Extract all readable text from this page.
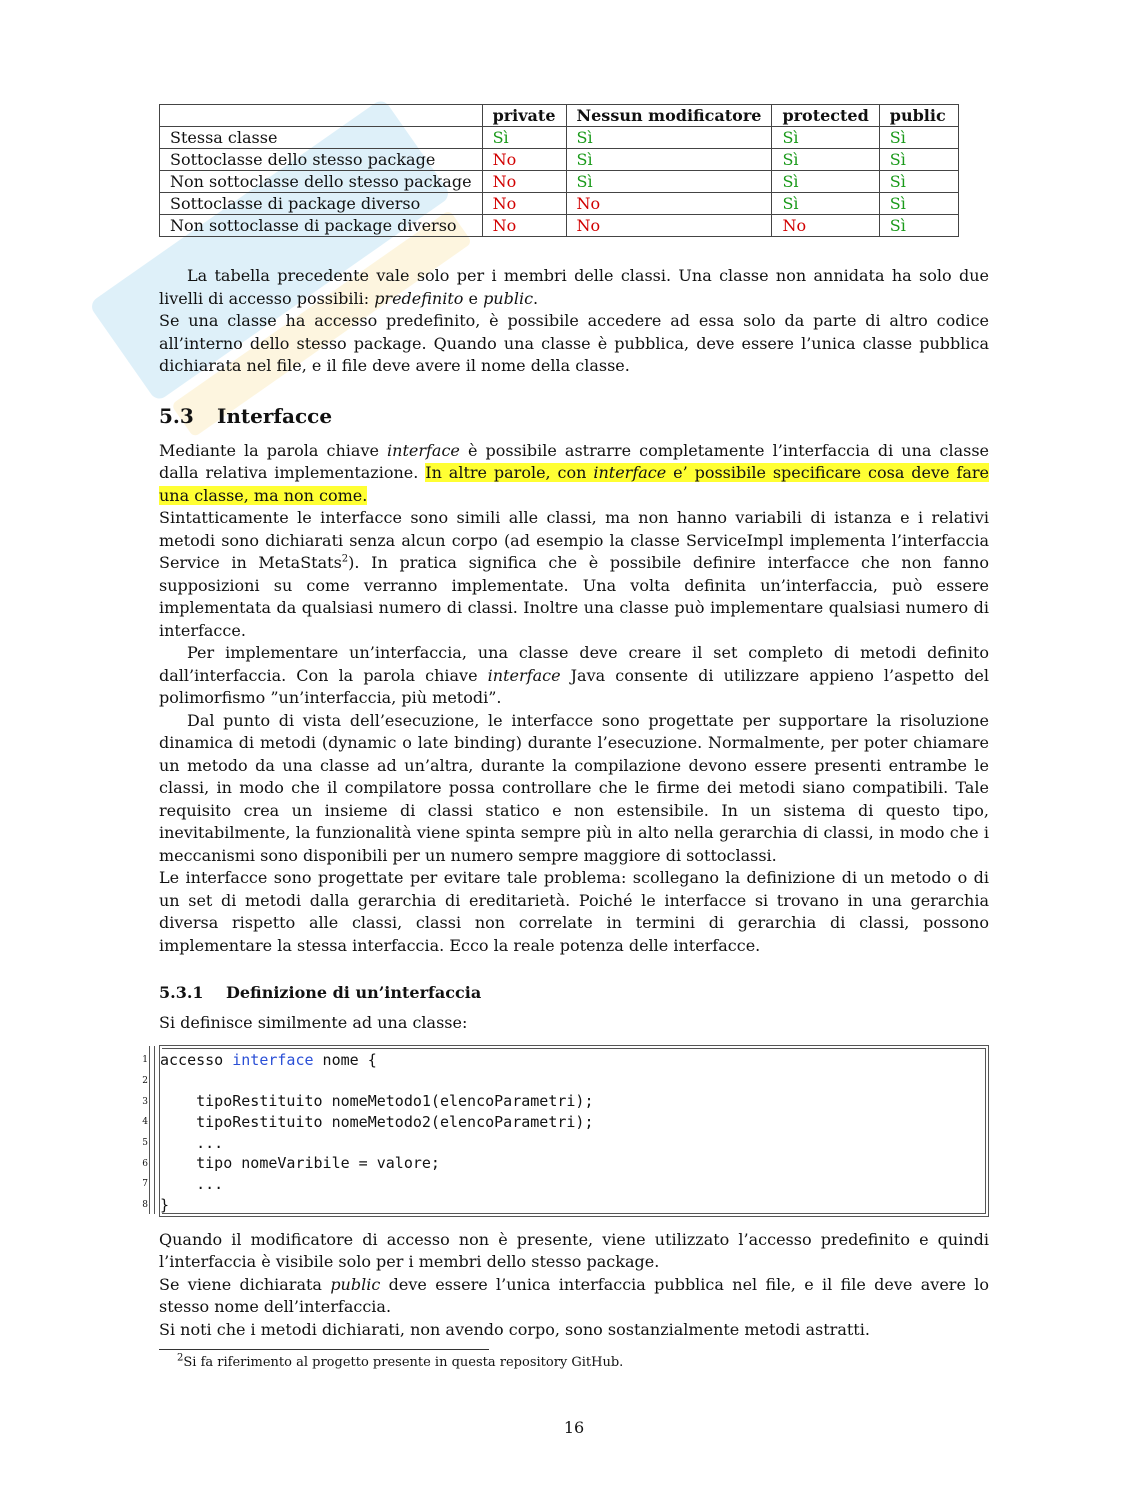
	private	Nessun modificatore	protected	public
Stessa classe	Sì	Sì	Sì	Sì
Sottoclasse dello stesso package	No	Sì	Sì	Sì
Non sottoclasse dello stesso package	No	Sì	Sì	Sì
Sottoclasse di package diverso	No	No	Sì	Sì
Non sottoclasse di package diverso	No	No	No	Sì

La tabella precedente vale solo per i membri delle classi. Una classe non annidata ha solo due livelli di accesso possibili: predefinito e public.

Se una classe ha accesso predefinito, è possibile accedere ad essa solo da parte di altro codice all’interno dello stesso package. Quando una classe è pubblica, deve essere l’unica classe pubblica dichiarata nel file, e il file deve avere il nome della classe.

5.3 Interfacce

Mediante la parola chiave interface è possibile astrarre completamente l’interfaccia di una classe dalla relativa implementazione. In altre parole, con interface e’ possibile specificare cosa deve fare una classe, ma non come.

Sintatticamente le interfacce sono simili alle classi, ma non hanno variabili di istanza e i relativi metodi sono dichiarati senza alcun corpo (ad esempio la classe ServiceImpl implementa l’interfaccia Service in MetaStats$^2$). In pratica significa che è possibile definire interfacce che non fanno supposizioni su come verranno implementate. Una volta definita un’interfaccia, può essere implementata da qualsiasi numero di classi. Inoltre una classe può implementare qualsiasi numero di interfacce.

Per implementare un’interfaccia, una classe deve creare il set completo di metodi definito dall’interfaccia. Con la parola chiave interface Java consente di utilizzare appieno l’aspetto del polimorfismo ”un’interfaccia, più metodi”.

Dal punto di vista dell’esecuzione, le interfacce sono progettate per supportare la risoluzione dinamica di metodi (dynamic o late binding) durante l’esecuzione. Normalmente, per poter chiamare un metodo da una classe ad un’altra, durante la compilazione devono essere presenti entrambe le classi, in modo che il compilatore possa controllare che le firme dei metodi siano compatibili. Tale requisito crea un insieme di classi statico e non estensibile. In un sistema di questo tipo, inevitabilmente, la funzionalità viene spinta sempre più in alto nella gerarchia di classi, in modo che i meccanismi sono disponibili per un numero sempre maggiore di sottoclassi.

Le interfacce sono progettate per evitare tale problema: scollegano la definizione di un metodo o di un set di metodi dalla gerarchia di ereditarietà. Poiché le interfacce si trovano in una gerarchia diversa rispetto alle classi, classi non correlate in termini di gerarchia di classi, possono implementare la stessa interfaccia. Ecco la reale potenza delle interfacce.

5.3.1 Definizione di un’interfaccia

Si definisce similmente ad una classe:

1
2
3
4
5
6
7
8
accesso interface nome {
tipoRestituito nomeMetodo1(elencoParametri);
tipoRestituito nomeMetodo2(elencoParametri);
...
tipo nomeVaribile = valore;
...
}

Quando il modificatore di accesso non è presente, viene utilizzato l’accesso predefinito e quindi l’interfaccia è visibile solo per i membri dello stesso package.

Se viene dichiarata public deve essere l’unica interfaccia pubblica nel file, e il file deve avere lo stesso nome dell’interfaccia.

Si noti che i metodi dichiarati, non avendo corpo, sono sostanzialmente metodi astratti.

$^2$Si fa riferimento al progetto presente in questa repository GitHub.
16
